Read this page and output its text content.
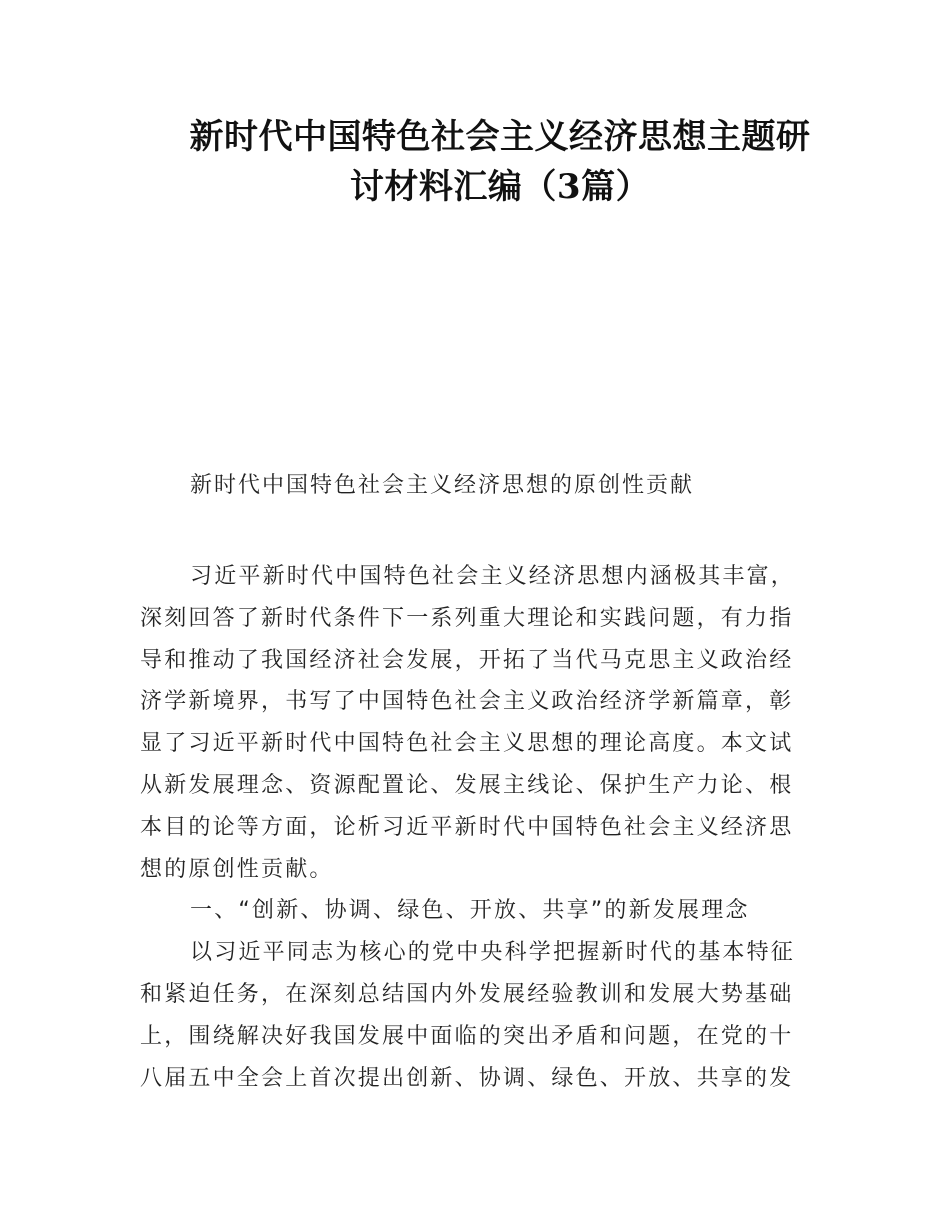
新时代中国特色社会主义经济思想主题研
讨材料汇编（3篇）
新时代中国特色社会主义经济思想的原创性贡献
习近平新时代中国特色社会主义经济思想内涵极其丰富，
深刻回答了新时代条件下一系列重大理论和实践问题，有力指
导和推动了我国经济社会发展，开拓了当代马克思主义政治经
济学新境界，书写了中国特色社会主义政治经济学新篇章，彰
显了习近平新时代中国特色社会主义思想的理论高度。本文试
从新发展理念、资源配置论、发展主线论、保护生产力论、根
本目的论等方面，论析习近平新时代中国特色社会主义经济思
想的原创性贡献。
一、“创新、协调、绿色、开放、共享”的新发展理念
以习近平同志为核心的党中央科学把握新时代的基本特征
和紧迫任务，在深刻总结国内外发展经验教训和发展大势基础
上，围绕解决好我国发展中面临的突出矛盾和问题，在党的十
八届五中全会上首次提出创新、协调、绿色、开放、共享的发
